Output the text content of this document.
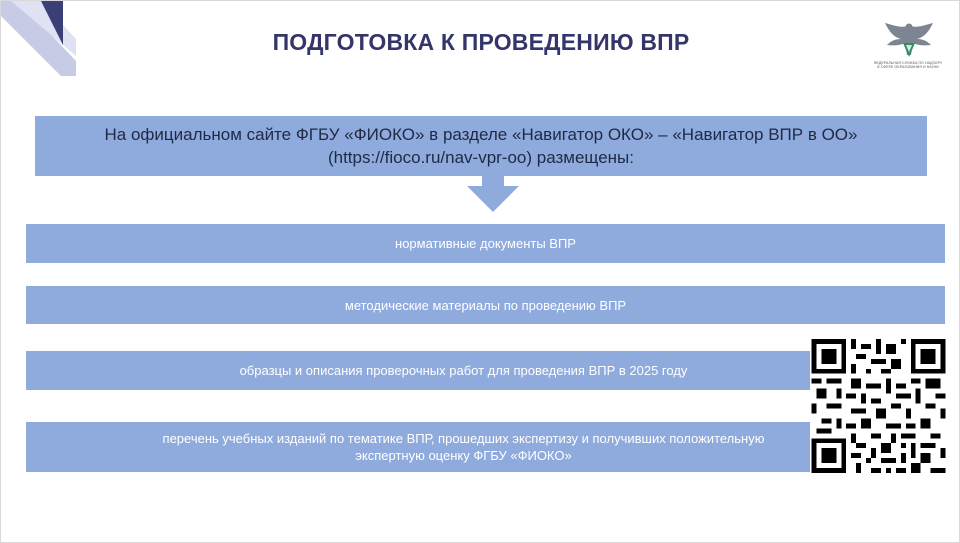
ПОДГОТОВКА К ПРОВЕДЕНИЮ ВПР
ФЕДЕРАЛЬНАЯ СЛУЖБА ПО НАДЗОРУ В СФЕРЕ ОБРАЗОВАНИЯ И НАУКИ
На официальном сайте ФГБУ «ФИОКО» в разделе «Навигатор ОКО» – «Навигатор ВПР в ОО»
(https://fioco.ru/nav-vpr-oo) размещены:
нормативные документы ВПР
методические материалы по проведению ВПР
образцы и описания проверочных работ для проведения ВПР в 2025 году
перечень учебных изданий по тематике ВПР, прошедших экспертизу и получивших положительную экспертную оценку ФГБУ «ФИОКО»
